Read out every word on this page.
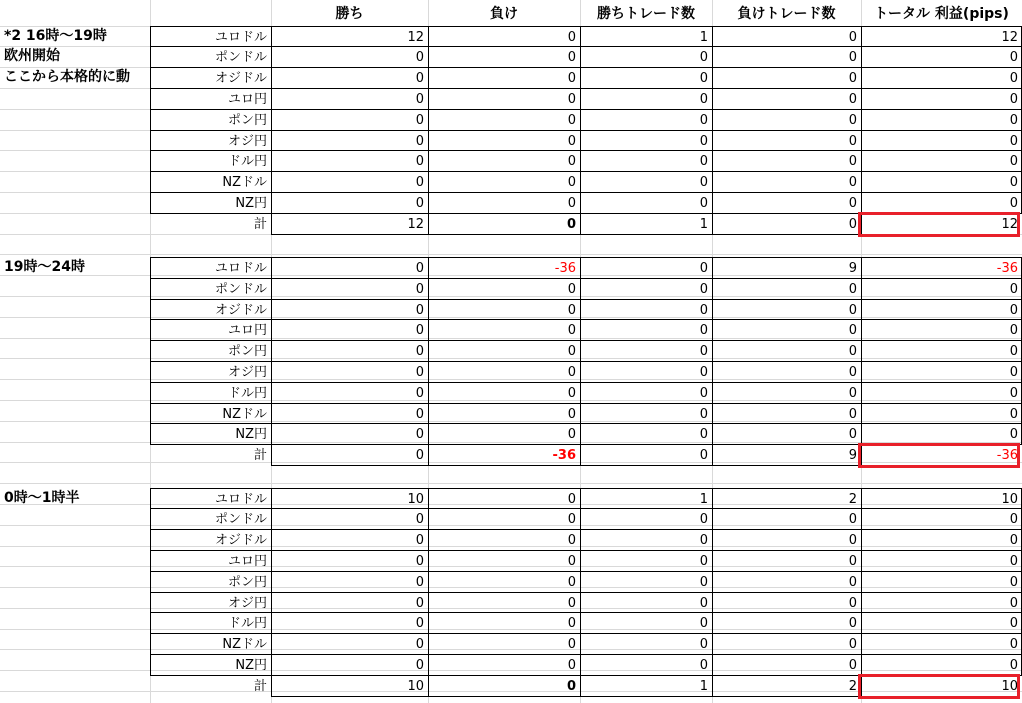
勝ち	負け	勝ちトレード数	負けトレード数	トータル 利益(pips)
*2 16時〜19時
欧州開始
ここから本格的に動
ユロドル	12	0	1	0	12
ポンドル	0	0	0	0	0
オジドル	0	0	0	0	0
ユロ円	0	0	0	0	0
ポン円	0	0	0	0	0
オジ円	0	0	0	0	0
ドル円	0	0	0	0	0
NZドル	0	0	0	0	0
NZ円	0	0	0	0	0
計	12	0	1	0	12
19時〜24時	ユロドル	0	-36	0	9	-36
ポンドル	0	0	0	0	0
オジドル	0	0	0	0	0
ユロ円	0	0	0	0	0
ポン円	0	0	0	0	0
オジ円	0	0	0	0	0
ドル円	0	0	0	0	0
NZドル	0	0	0	0	0
NZ円	0	0	0	0	0
計	0	-36	0	9	-36
0時〜1時半	ユロドル	10	0	1	2	10
ポンドル	0	0	0	0	0
オジドル	0	0	0	0	0
ユロ円	0	0	0	0	0
ポン円	0	0	0	0	0
オジ円	0	0	0	0	0
ドル円	0	0	0	0	0
NZドル	0	0	0	0	0
NZ円	0	0	0	0	0
計	10	0	1	2	10
